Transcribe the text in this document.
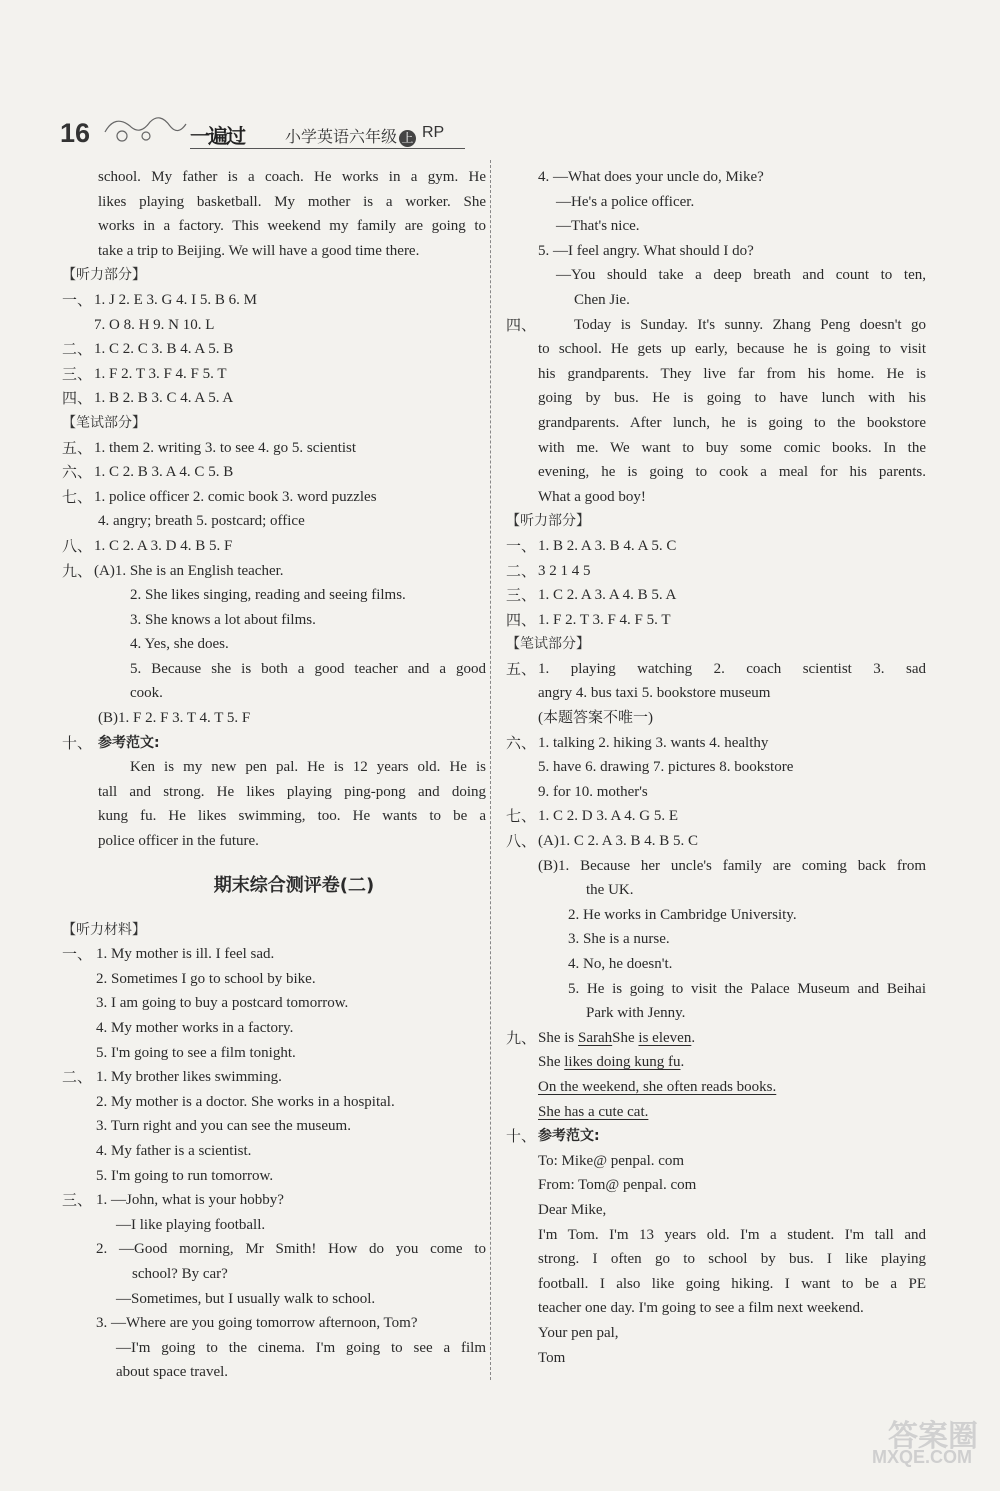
16	一遍过	小学英语六年级 上 RP
school. My father is a coach. He works in a gym. He
likes playing basketball. My mother is a worker. She
works in a factory. This weekend my family are going to
take a trip to Beijing. We will have a good time there.
【听力部分】
一、 1. J 2. E 3. G 4. I 5. B 6. M
7. O 8. H 9. N 10. L
二、 1. C 2. C 3. B 4. A 5. B
三、 1. F 2. T 3. F 4. F 5. T
四、 1. B 2. B 3. C 4. A 5. A
【笔试部分】
五、 1. them 2. writing 3. to see 4. go 5. scientist
六、 1. C 2. B 3. A 4. C 5. B
七、 1. police officer 2. comic book 3. word puzzles
4. angry; breath 5. postcard; office
八、 1. C 2. A 3. D 4. B 5. F
九、 (A)1. She is an English teacher.
2. She likes singing, reading and seeing films.
3. She knows a lot about films.
4. Yes, she does.
5. Because she is both a good teacher and a good
cook.
(B)1. F 2. F 3. T 4. T 5. F
十、 参考范文:
Ken is my new pen pal. He is 12 years old. He is
tall and strong. He likes playing ping-pong and doing
kung fu. He likes swimming, too. He wants to be a
police officer in the future.
期末综合测评卷(二)
【听力材料】
一、 1. My mother is ill. I feel sad.
2. Sometimes I go to school by bike.
3. I am going to buy a postcard tomorrow.
4. My mother works in a factory.
5. I'm going to see a film tonight.
二、 1. My brother likes swimming.
2. My mother is a doctor. She works in a hospital.
3. Turn right and you can see the museum.
4. My father is a scientist.
5. I'm going to run tomorrow.
三、 1. —John, what is your hobby?
—I like playing football.
2. —Good morning, Mr Smith! How do you come to
school? By car?
—Sometimes, but I usually walk to school.
3. —Where are you going tomorrow afternoon, Tom?
—I'm going to the cinema. I'm going to see a film
about space travel.
4. —What does your uncle do, Mike?
—He's a police officer.
—That's nice.
5. —I feel angry. What should I do?
—You should take a deep breath and count to ten,
Chen Jie.
四、	Today is Sunday. It's sunny. Zhang Peng doesn't go
to school. He gets up early, because he is going to visit
his grandparents. They live far from his home. He is
going by bus. He is going to have lunch with his
grandparents. After lunch, he is going to the bookstore
with me. We want to buy some comic books. In the
evening, he is going to cook a meal for his parents.
What a good boy!
【听力部分】
一、 1. B 2. A 3. B 4. A 5. C
二、 3 2 1 4 5
三、 1. C 2. A 3. A 4. B 5. A
四、 1. F 2. T 3. F 4. F 5. T
【笔试部分】
五、 1. playing watching 2. coach scientist 3. sad
angry 4. bus taxi 5. bookstore museum
(本题答案不唯一)
六、 1. talking 2. hiking 3. wants 4. healthy
5. have 6. drawing 7. pictures 8. bookstore
9. for 10. mother's
七、 1. C 2. D 3. A 4. G 5. E
八、 (A)1. C 2. A 3. B 4. B 5. C
(B)1. Because her uncle's family are coming back from
the UK.
2. He works in Cambridge University.
3. She is a nurse.
4. No, he doesn't.
5. He is going to visit the Palace Museum and Beihai
Park with Jenny.
九、 She is SarahShe is eleven.
She likes doing kung fu.
On the weekend, she often reads books.
She has a cute cat.
十、 参考范文:
To: Mike@ penpal. com
From: Tom@ penpal. com
Dear Mike,
I'm Tom. I'm 13 years old. I'm a student. I'm tall and
strong. I often go to school by bus. I like playing
football. I also like going hiking. I want to be a PE
teacher one day. I'm going to see a film next weekend.
Your pen pal,
Tom
答案圈
MXQE.COM
